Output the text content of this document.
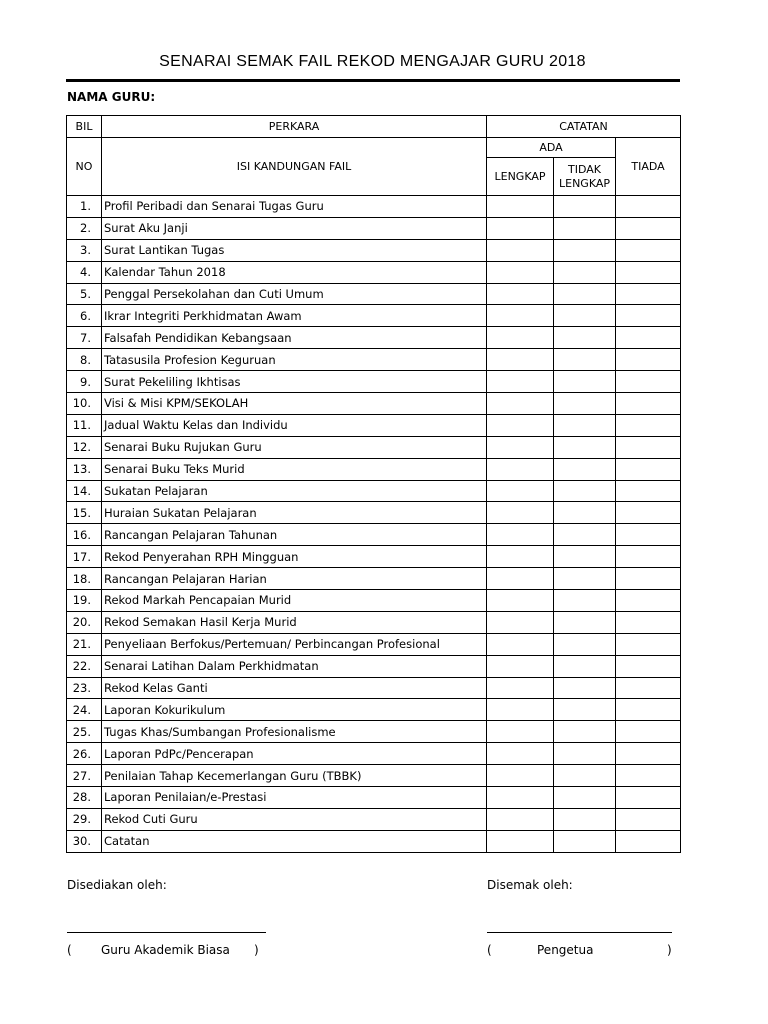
SENARAI SEMAK FAIL REKOD MENGAJAR GURU 2018
NAMA GURU:
BIL	PERKARA	CATATAN		
NO	ISI KANDUNGAN FAIL	ADA		TIADA
		LENGKAP	TIDAK
LENGKAP	
1.	Profil Peribadi dan Senarai Tugas Guru			
2.	Surat Aku Janji			
3.	Surat Lantikan Tugas			
4.	Kalendar Tahun 2018			
5.	Penggal Persekolahan dan Cuti Umum			
6.	Ikrar Integriti Perkhidmatan Awam			
7.	Falsafah Pendidikan Kebangsaan			
8.	Tatasusila Profesion Keguruan			
9.	Surat Pekeliling Ikhtisas			
10.	Visi & Misi KPM/SEKOLAH			
11.	Jadual Waktu Kelas dan Individu			
12.	Senarai Buku Rujukan Guru			
13.	Senarai Buku Teks Murid			
14.	Sukatan Pelajaran			
15.	Huraian Sukatan Pelajaran			
16.	Rancangan Pelajaran Tahunan			
17.	Rekod Penyerahan RPH Mingguan			
18.	Rancangan Pelajaran Harian			
19.	Rekod Markah Pencapaian Murid			
20.	Rekod Semakan Hasil Kerja Murid			
21.	Penyeliaan Berfokus/Pertemuan/ Perbincangan Profesional			
22.	Senarai Latihan Dalam Perkhidmatan			
23.	Rekod Kelas Ganti			
24.	Laporan Kokurikulum			
25.	Tugas Khas/Sumbangan Profesionalisme			
26.	Laporan PdPc/Pencerapan			
27.	Penilaian Tahap Kecemerlangan Guru (TBBK)			
28.	Laporan Penilaian/e-Prestasi			
29.	Rekod Cuti Guru			
30.	Catatan			
Disediakan oleh:	Disemak oleh:
( Guru Akademik Biasa )	(	Pengetua	)
